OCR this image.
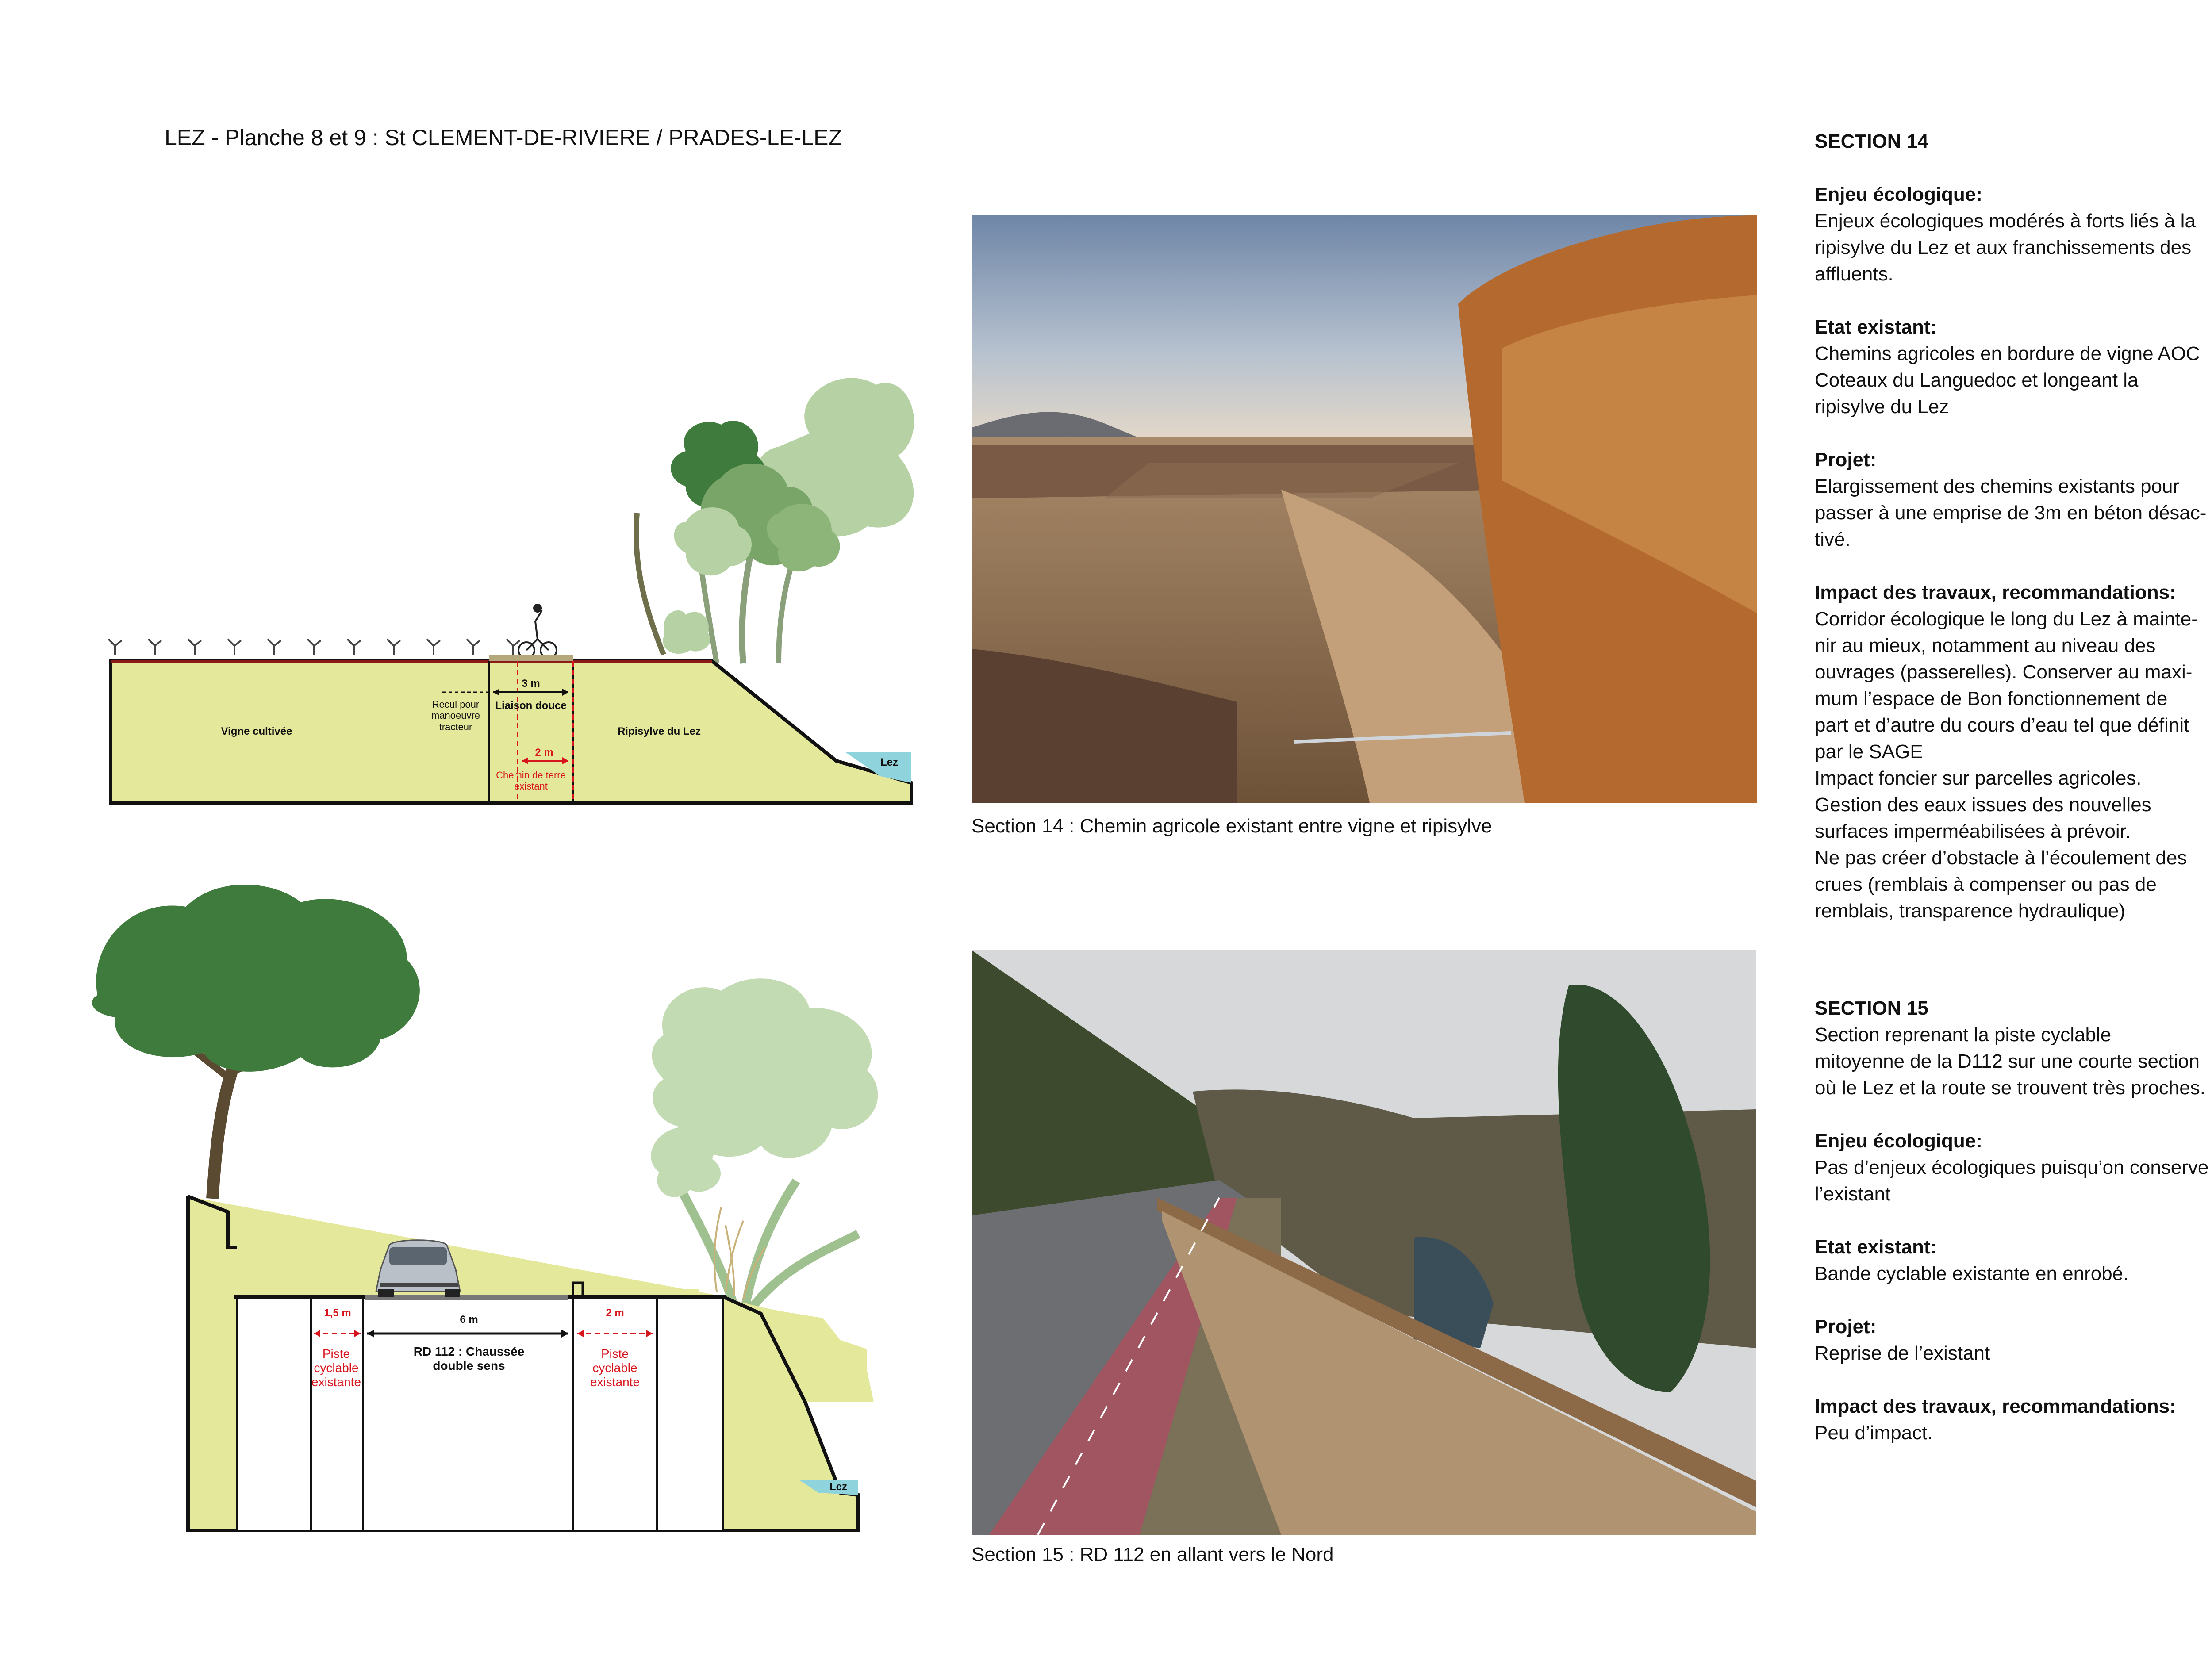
LEZ - Planche 8 et 9 : St CLEMENT-DE-RIVIERE / PRADES-LE-LEZ
Vigne cultivée
Recul pour
manoeuvre
tracteur
3 m
Liaison douce
2 m
Chemin de terre
existant
Ripisylve du Lez
Lez
1,5 m
Piste
cyclable
existante
6 m
RD 112 : Chaussée
double sens
2 m
Piste
cyclable
existante
Lez
Section 14 : Chemin agricole existant entre vigne et ripisylve
Section 15 : RD 112 en allant vers le Nord

SECTION 14

Enjeu écologique:
Enjeux écologiques modérés à forts liés à la
ripisylve du Lez et aux franchissements des
affluents.
Etat existant:
Chemins agricoles en bordure de vigne AOC
Coteaux du Languedoc et longeant la
ripisylve du Lez
Projet:
Elargissement des chemins existants pour
passer à une emprise de 3m en béton désac-
tivé.
Impact des travaux, recommandations:
Corridor écologique le long du Lez à mainte-
nir au mieux, notamment au niveau des
ouvrages (passerelles). Conserver au maxi-
mum l’espace de Bon fonctionnement de
part et d’autre du cours d’eau tel que définit
par le SAGE
Impact foncier sur parcelles agricoles.
Gestion des eaux issues des nouvelles
surfaces imperméabilisées à prévoir.
Ne pas créer d’obstacle à l’écoulement des
crues (remblais à compenser ou pas de
remblais, transparence hydraulique)

SECTION 15

Section reprenant la piste cyclable
mitoyenne de la D112 sur une courte section
où le Lez et la route se trouvent très proches.
Enjeu écologique:
Pas d’enjeux écologiques puisqu’on conserve
l’existant
Etat existant:
Bande cyclable existante en enrobé.
Projet:
Reprise de l’existant
Impact des travaux, recommandations:
Peu d’impact.
